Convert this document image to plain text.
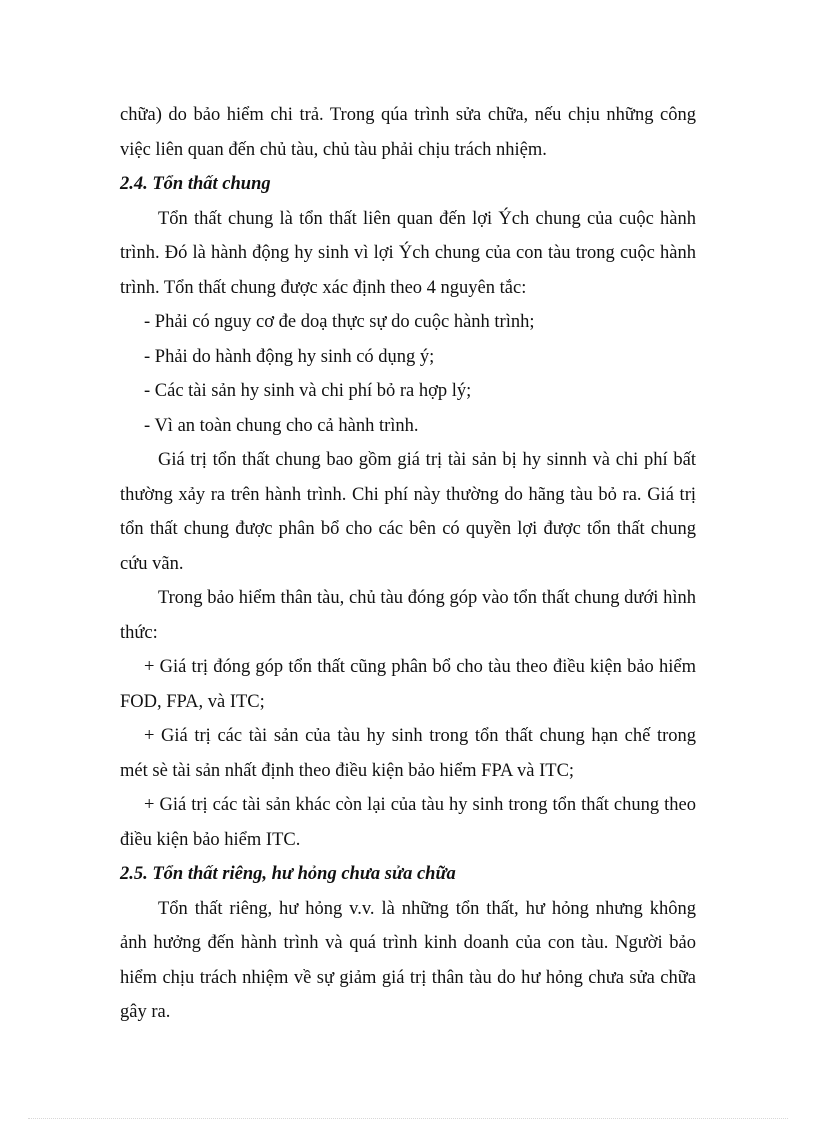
chữa) do bảo hiểm chi trả. Trong qúa trình sửa chữa, nếu chịu những công việc liên quan đến chủ tàu, chủ tàu phải chịu trách nhiệm.

2.4. Tổn thất chung

Tổn thất chung là tổn thất liên quan đến lợi Ých chung của cuộc hành trình. Đó là hành động hy sinh vì lợi Ých chung của con tàu trong cuộc hành trình. Tổn thất chung được xác định theo 4 nguyên tắc:

- Phải có nguy cơ đe doạ thực sự do cuộc hành trình;

- Phải do hành động hy sinh có dụng ý;

- Các tài sản hy sinh và chi phí bỏ ra hợp lý;

- Vì an toàn chung cho cả hành trình.

Giá trị tổn thất chung bao gồm giá trị tài sản bị hy sinnh và chi phí bất thường xảy ra trên hành trình. Chi phí này thường do hãng tàu bỏ ra. Giá trị tổn thất chung được phân bổ cho các bên có quyền lợi được tổn thất chung cứu vãn.

Trong bảo hiểm thân tàu, chủ tàu đóng góp vào tổn thất chung dưới hình thức:

+ Giá trị đóng góp tổn thất cũng phân bổ cho tàu theo điều kiện bảo hiểm FOD, FPA, và ITC;

+ Giá trị các tài sản của tàu hy sinh trong tổn thất chung hạn chế trong mét sè tài sản nhất định theo điều kiện bảo hiểm FPA và ITC;

+ Giá trị các tài sản khác còn lại của tàu hy sinh trong tổn thất chung theo điều kiện bảo hiểm ITC.

2.5. Tổn thất riêng, hư hỏng chưa sửa chữa

Tổn thất riêng, hư hỏng v.v. là những tổn thất, hư hỏng nhưng không ảnh hưởng đến hành trình và quá trình kinh doanh của con tàu. Người bảo hiểm chịu trách nhiệm về sự giảm giá trị thân tàu do hư hỏng chưa sửa chữa gây ra.
